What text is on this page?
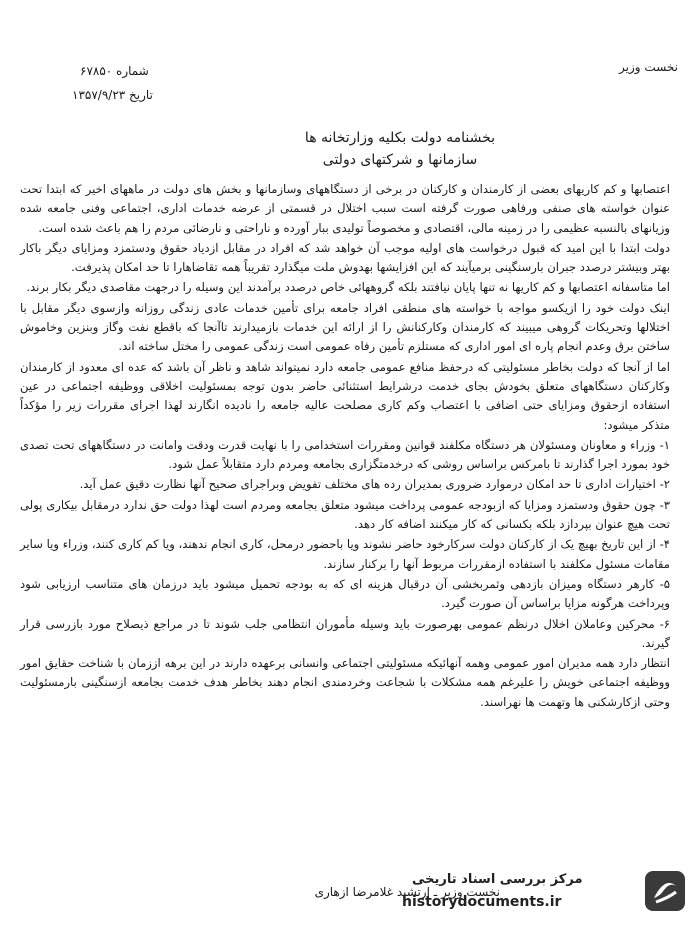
نخست وزیر
شماره ۶۷۸۵۰
تاریخ ۱۳۵۷/۹/۲۳
بخشنامه دولت بکلیه وزارتخانه ها
سازمانها و شرکتهای دولتی

اعتصابها و کم کاریهای بعضی از کارمندان و کارکنان در برخی از دستگاههای وسازمانها و بخش های دولت در ماههای اخیر که ابتدا تحت عنوان خواسته های صنفی ورفاهی صورت گرفته است سبب اختلال در قسمتی از عرضه خدمات اداری، اجتماعی وفنی جامعه شده وزیانهای بالنسبه عظیمی را در زمینه مالی، اقتصادی و مخصوصاً تولیدی ببار آورده و ناراحتی و نارضائی مردم را هم باعث شده است.

دولت ابتدا با این امید که قبول درخواست های اولیه موجب آن خواهد شد که افراد در مقابل ازدیاد حقوق ودستمزد ومزایای دیگر باکار بهتر وبیشتر درصدد جبران بارسنگینی برمیآیند که این افزایشها بهدوش ملت میگذارد تقریباً همه تقاضاهارا تا حد امکان پذیرفت.

اما متاسفانه اعتصابها و کم کاریها نه تنها پایان نیافتند بلکه گروههائی خاص درصدد برآمدند این وسیله را درجهت مقاصدی دیگر بکار برند.

اینک دولت خود را ازیکسو مواجه با خواسته های منطقی افراد جامعه برای تأمین خدمات عادی زندگی روزانه وازسوی دیگر مقابل با اختلالها وتحریکات گروهی میبیند که کارمندان وکارکنانش را از ارائه این خدمات بازمیدارند تاآنجا که باقطع نفت وگاز وبنزین وخاموش ساختن برق وعدم انجام پاره ای امور اداری که مستلزم تأمین رفاه عمومی است زندگی عمومی را مختل ساخته اند.

اما از آنجا که دولت بخاطر مسئولیتی که درحفظ منافع عمومی جامعه دارد نمیتواند شاهد و ناظر آن باشد که عده ای معدود از کارمندان وکارکنان دستگاههای متعلق بخودش بجای خدمت درشرایط استثنائی حاضر بدون توجه بمسئولیت اخلاقی ووظیفه اجتماعی در عین استفاده ازحقوق ومزایای حتی اضافی با اعتصاب وکم کاری مصلحت عالیه جامعه را نادیده انگارند لهذا اجرای مقررات زیر را مؤکداً متذکر میشود:

۱- وزراء و معاونان ومسئولان هر دستگاه مکلفند قوانین ومقررات استخدامی را با نهایت قدرت ودقت وامانت در دستگاههای تحت تصدی خود بمورد اجرا گذارند تا بامرکس براساس روشی که درخدمتگزاری بجامعه ومردم دارد متقابلاً عمل شود.

۲- اختیارات اداری تا حد امکان درموارد ضروری بمدیران رده های مختلف تفویض وبراجرای صحیح آنها نظارت دقیق عمل آید.

۳- چون حقوق ودستمزد ومزایا که ازبودجه عمومی پرداخت میشود متعلق بجامعه ومردم است لهذا دولت حق ندارد درمقابل بیکاری پولی تحت هیچ عنوان بپردازد بلکه بکسانی که کار میکنند اضافه کار دهد.

۴- از این تاریخ بهیچ یک از کارکنان دولت سرکارخود حاضر نشوند ویا باحضور درمحل، کاری انجام ندهند، ویا کم کاری کنند، وزراء ویا سایر مقامات مسئول مکلفند با استفاده ازمقررات مربوط آنها را برکنار سازند.

۵- کارهر دستگاه ومیزان بازدهی وثمربخشی آن درقبال هزینه ای که به بودجه تحمیل میشود باید درزمان های متناسب ارزیابی شود وپرداخت هرگونه مزایا براساس آن صورت گیرد.

۶- محرکین وعاملان اخلال درنظم عمومی بهرصورت باید وسیله مأموران انتظامی جلب شوند تا در مراجع ذیصلاح مورد بازرسی قرار گیرند.

انتظار دارد همه مدیران امور عمومی وهمه آنهائیکه مسئولیتی اجتماعی وانسانی برعهده دارند در این برهه اززمان با شناخت حقایق امور ووظیفه اجتماعی خویش را علیرغم همه مشکلات با شجاعت وخردمندی انجام دهند بخاطر هدف خدمت بجامعه ازسنگینی بارمسئولیت وحتی ازکارشکنی ها وتهمت ها نهراسند.

نخست وزیر ـ ارتشبد غلامرضا ازهاری
مرکز بررسی اسناد تاریخی
historydocuments.ir
